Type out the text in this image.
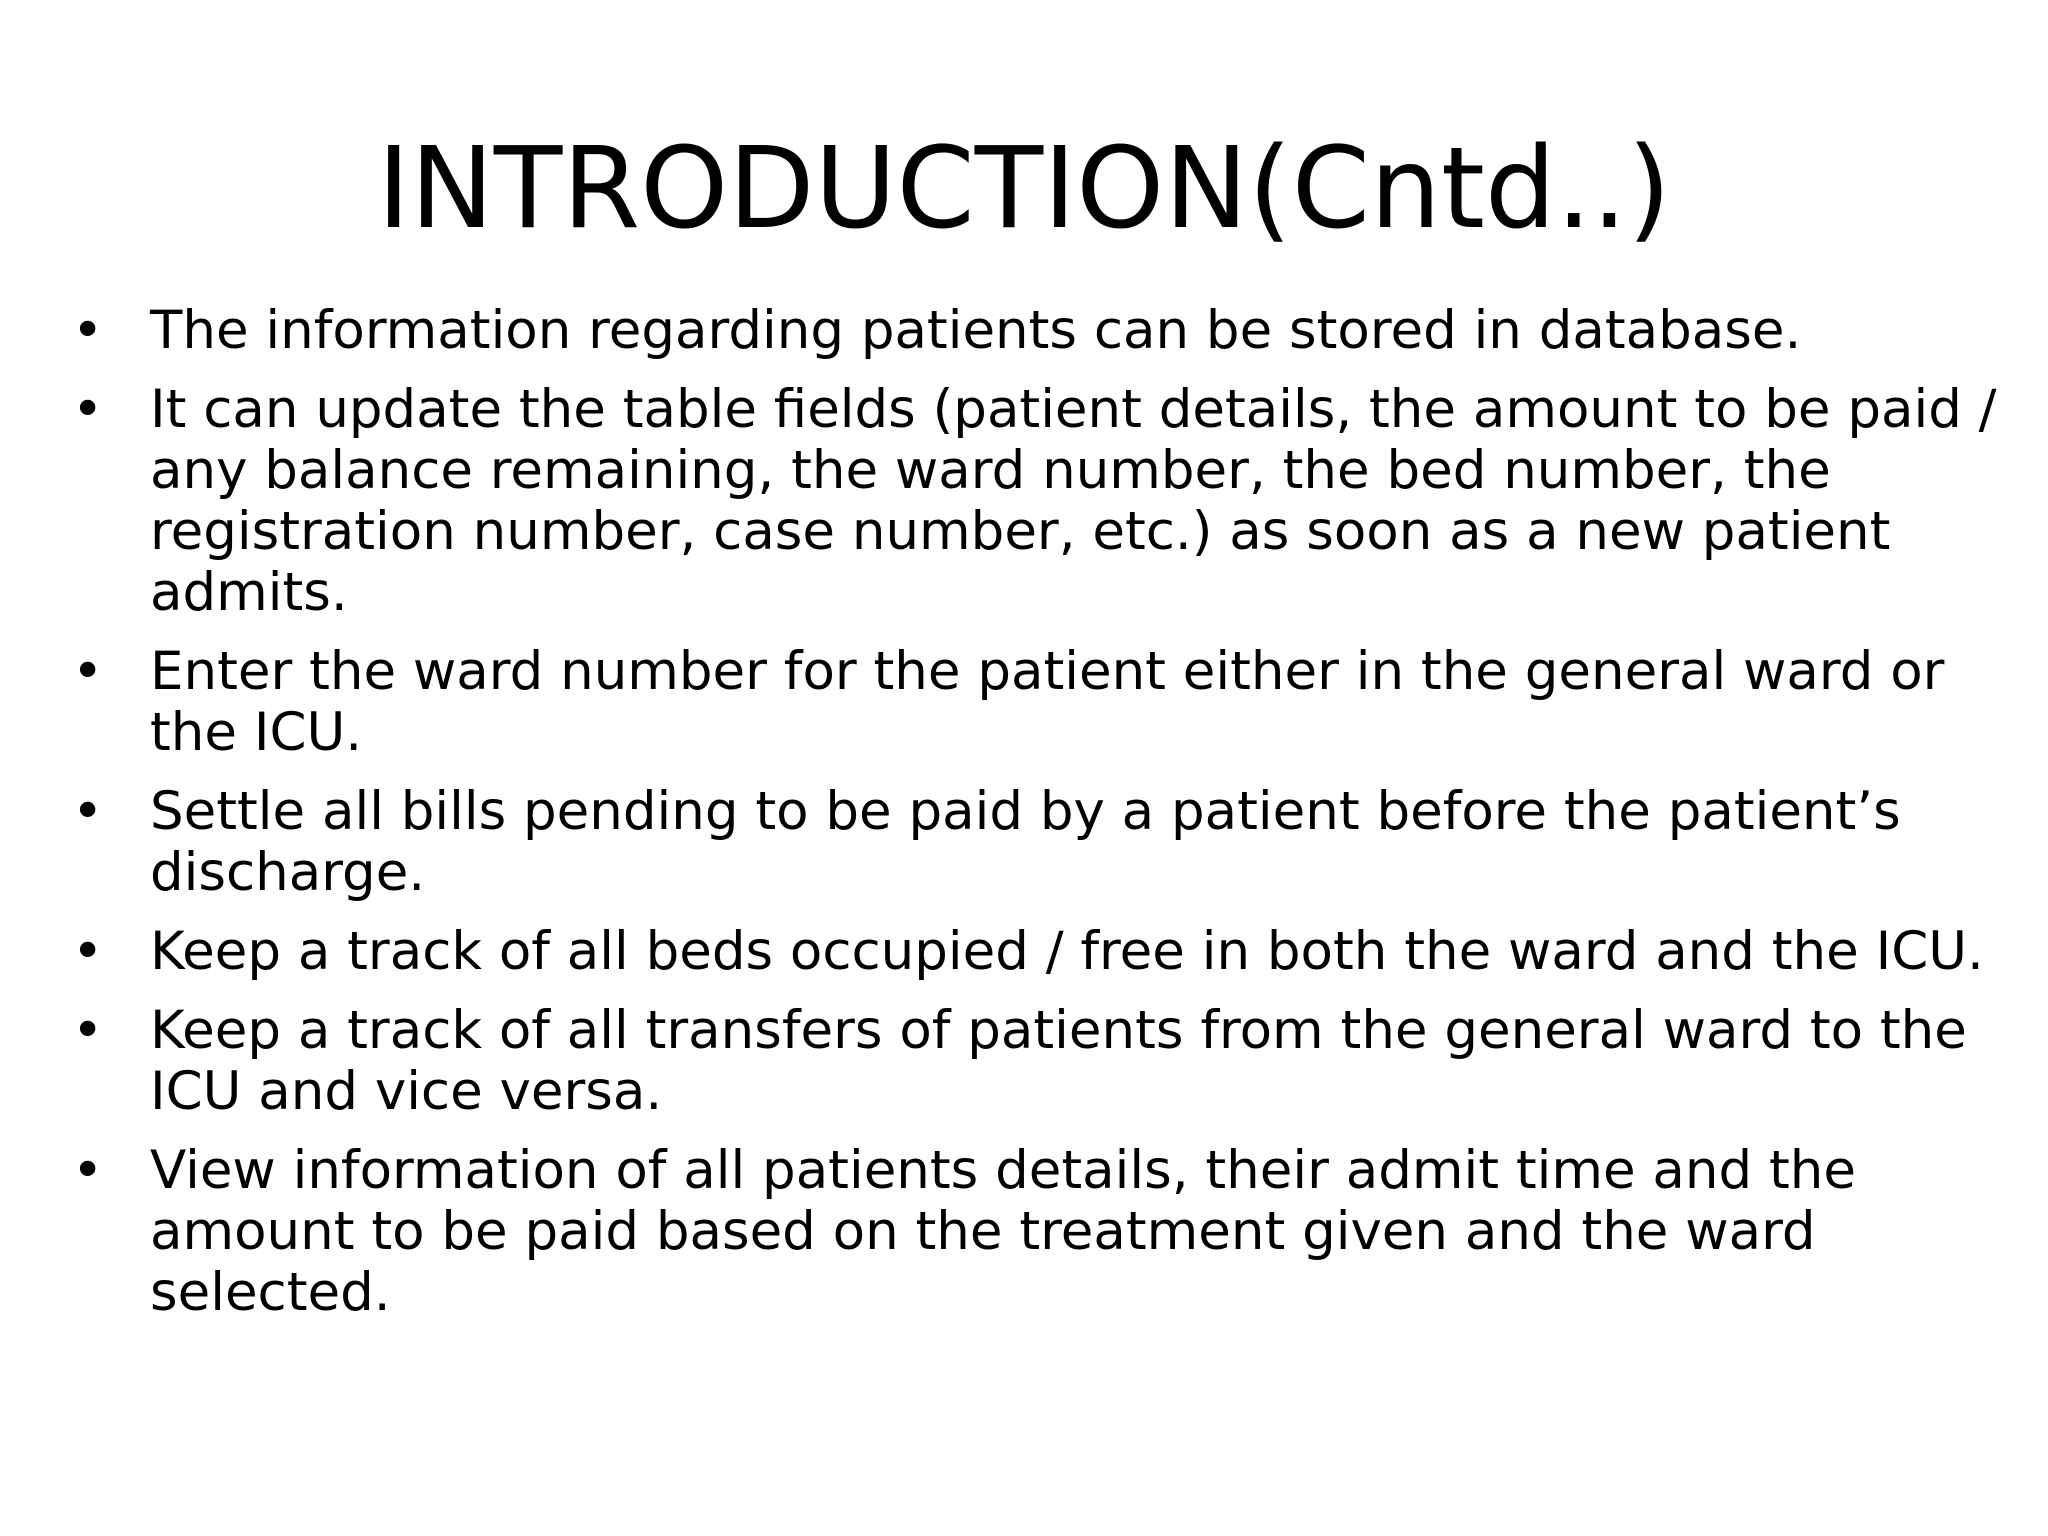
INTRODUCTION(Cntd..)
• The information regarding patients can be stored in database.
• It can update the table fields (patient details, the amount to be paid / any balance remaining, the ward number, the bed number, the registration number, case number, etc.) as soon as a new patient admits.
• Enter the ward number for the patient either in the general ward or the ICU.
• Settle all bills pending to be paid by a patient before the patient’s discharge.
• Keep a track of all beds occupied / free in both the ward and the ICU.
• Keep a track of all transfers of patients from the general ward to the ICU and vice versa.
• View information of all patients details, their admit time and the amount to be paid based on the treatment given and the ward selected.
